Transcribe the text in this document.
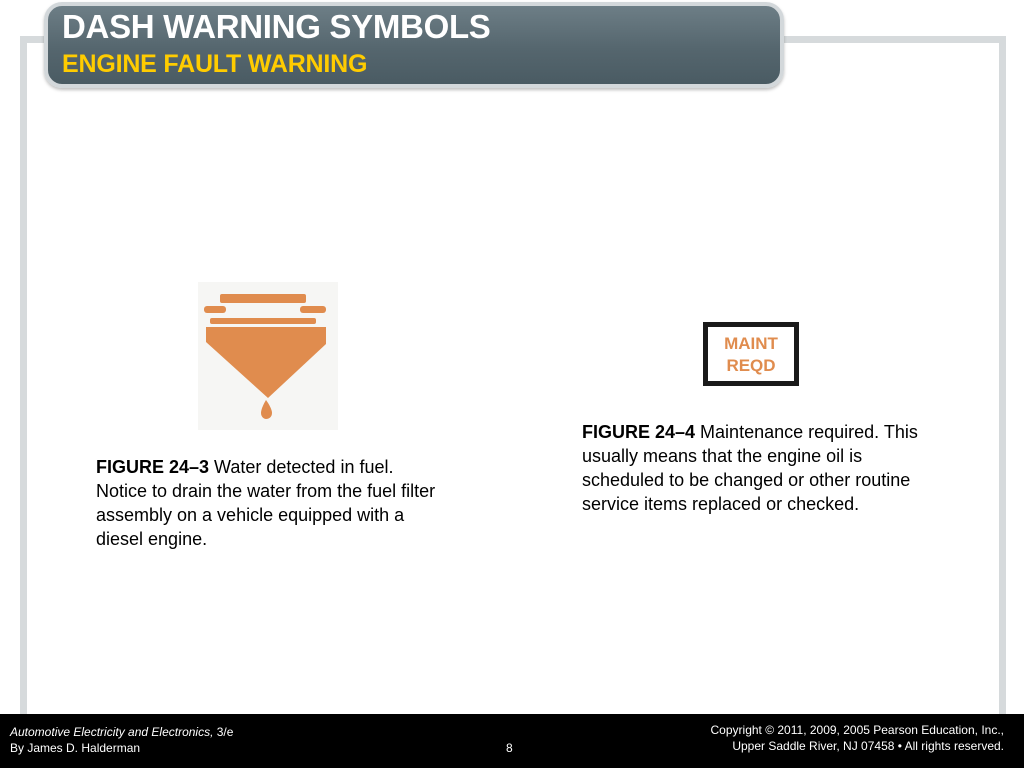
DASH WARNING SYMBOLS
ENGINE FAULT WARNING
MAINT
REQD
FIGURE 24–3 Water detected in fuel. Notice to drain the water from the fuel filter assembly on a vehicle equipped with a diesel engine.
FIGURE 24–4 Maintenance required. This usually means that the engine oil is scheduled to be changed or other routine service items replaced or checked.
Automotive Electricity and Electronics, 3/e
By James D. Halderman	8
Copyright © 2011, 2009, 2005 Pearson Education, Inc.,
Upper Saddle River, NJ 07458 • All rights reserved.
